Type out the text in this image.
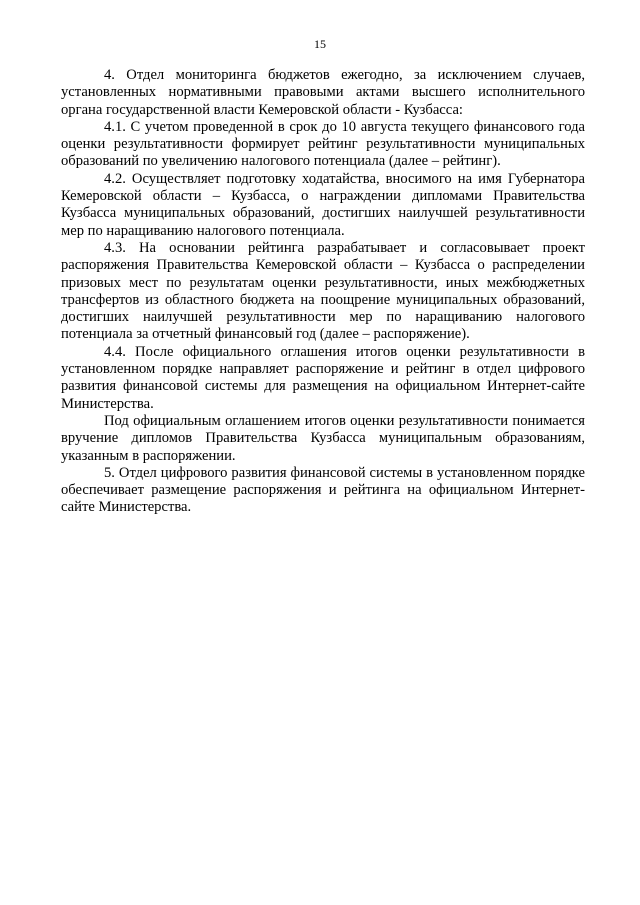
15

4. Отдел мониторинга бюджетов ежегодно, за исключением случаев, установленных нормативными правовыми актами высшего исполнительного органа государственной власти Кемеровской области - Кузбасса:

4.1. С учетом проведенной в срок до 10 августа текущего финансового года оценки результативности формирует рейтинг результативности муниципальных образований по увеличению налогового потенциала (далее – рейтинг).

4.2. Осуществляет подготовку ходатайства, вносимого на имя Губернатора Кемеровской области – Кузбасса, о награждении дипломами Правительства Кузбасса муниципальных образований, достигших наилучшей результативности мер по наращиванию налогового потенциала.

4.3. На основании рейтинга разрабатывает и согласовывает проект распоряжения Правительства Кемеровской области – Кузбасса о распределении призовых мест по результатам оценки результативности, иных межбюджетных трансфертов из областного бюджета на поощрение муниципальных образований, достигших наилучшей результативности мер по наращиванию налогового потенциала за отчетный финансовый год (далее – распоряжение).

4.4. После официального оглашения итогов оценки результативности в установленном порядке направляет распоряжение и рейтинг в отдел цифрового развития финансовой системы для размещения на официальном Интернет-сайте Министерства.

Под официальным оглашением итогов оценки результативности понимается вручение дипломов Правительства Кузбасса муниципальным образованиям, указанным в распоряжении.

5. Отдел цифрового развития финансовой системы в установленном порядке обеспечивает размещение распоряжения и рейтинга на официальном Интернет-сайте Министерства.
